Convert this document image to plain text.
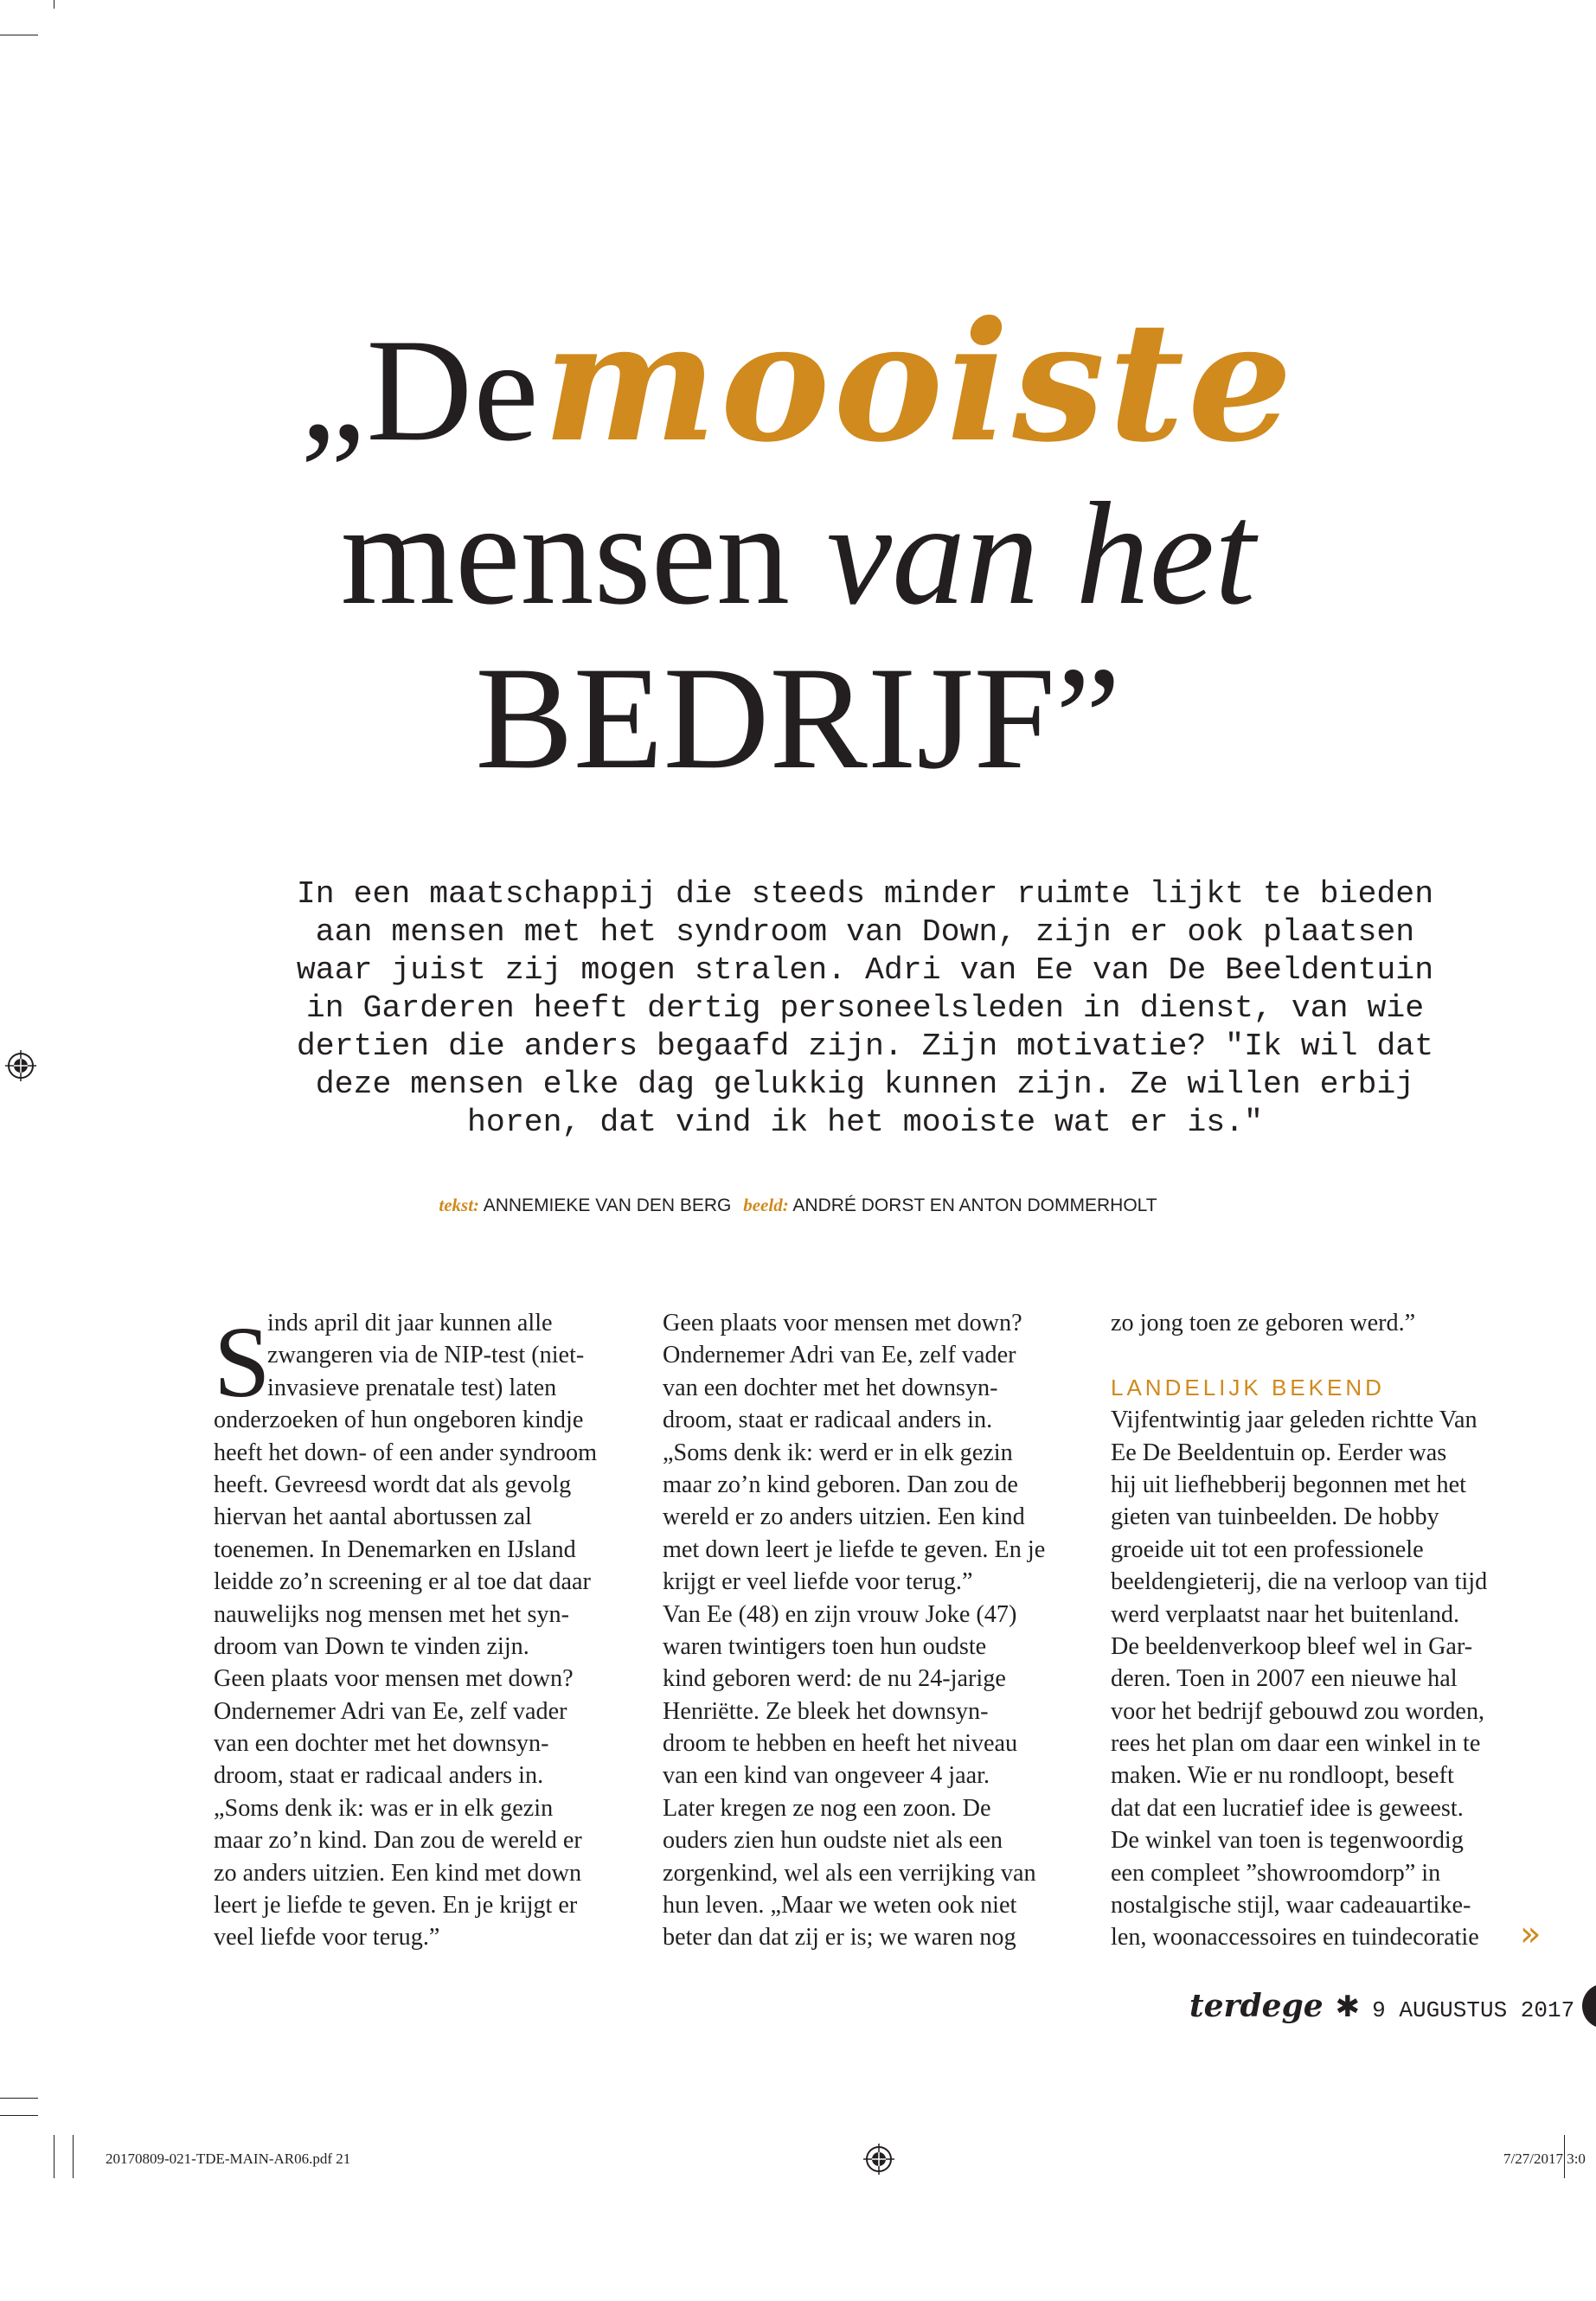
„De mooiste
mensen van het
BEDRIJF”

In een maatschappij die steeds minder ruimte lijkt te bieden

aan mensen met het syndroom van Down, zijn er ook plaatsen

waar juist zij mogen stralen. Adri van Ee van De Beeldentuin

in Garderen heeft dertig personeelsleden in dienst, van wie

dertien die anders begaafd zijn. Zijn motivatie? "Ik wil dat

deze mensen elke dag gelukkig kunnen zijn. Ze willen erbij

horen, dat vind ik het mooiste wat er is."

tekst: ANNEMIEKE VAN DEN BERG beeld: ANDRÉ DORST EN ANTON DOMMERHOLT
S
inds april dit jaar kunnen alle
zwangeren via de NIP-test (niet-
invasieve prenatale test) laten
onderzoeken of hun ongeboren kindje
heeft het down- of een ander syndroom
heeft. Gevreesd wordt dat als gevolg
hiervan het aantal abortussen zal
toenemen. In Denemarken en IJsland
leidde zo’n screening er al toe dat daar
nauwelijks nog mensen met het syn-
droom van Down te vinden zijn.
Geen plaats voor mensen met down?
Ondernemer Adri van Ee, zelf vader
van een dochter met het downsyn-
droom, staat er radicaal anders in.
„Soms denk ik: was er in elk gezin
maar zo’n kind. Dan zou de wereld er
zo anders uitzien. Een kind met down
leert je liefde te geven. En je krijgt er
veel liefde voor terug.”
Geen plaats voor mensen met down?
Ondernemer Adri van Ee, zelf vader
van een dochter met het downsyn-
droom, staat er radicaal anders in.
„Soms denk ik: werd er in elk gezin
maar zo’n kind geboren. Dan zou de
wereld er zo anders uitzien. Een kind
met down leert je liefde te geven. En je
krijgt er veel liefde voor terug.”
Van Ee (48) en zijn vrouw Joke (47)
waren twintigers toen hun oudste
kind geboren werd: de nu 24-jarige
Henriëtte. Ze bleek het downsyn-
droom te hebben en heeft het niveau
van een kind van ongeveer 4 jaar.
Later kregen ze nog een zoon. De
ouders zien hun oudste niet als een
zorgenkind, wel als een verrijking van
hun leven. „Maar we weten ook niet
beter dan dat zij er is; we waren nog
zo jong toen ze geboren werd.”
LANDELIJK BEKEND
Vijfentwintig jaar geleden richtte Van
Ee De Beeldentuin op. Eerder was
hij uit liefhebberij begonnen met het
gieten van tuinbeelden. De hobby
groeide uit tot een professionele
beeldengieterij, die na verloop van tijd
werd verplaatst naar het buitenland.
De beeldenverkoop bleef wel in Gar-
deren. Toen in 2007 een nieuwe hal
voor het bedrijf gebouwd zou worden,
rees het plan om daar een winkel in te
maken. Wie er nu rondloopt, beseft
dat dat een lucratief idee is geweest.
De winkel van toen is tegenwoordig
een compleet ”showroomdorp” in
nostalgische stijl, waar cadeauartike-
len, woonaccessoires en tuindecoratie	»
terdege ✱ 9 AUGUSTUS 2017
20170809-021-TDE-MAIN-AR06.pdf 21	7/27/2017 3:0
